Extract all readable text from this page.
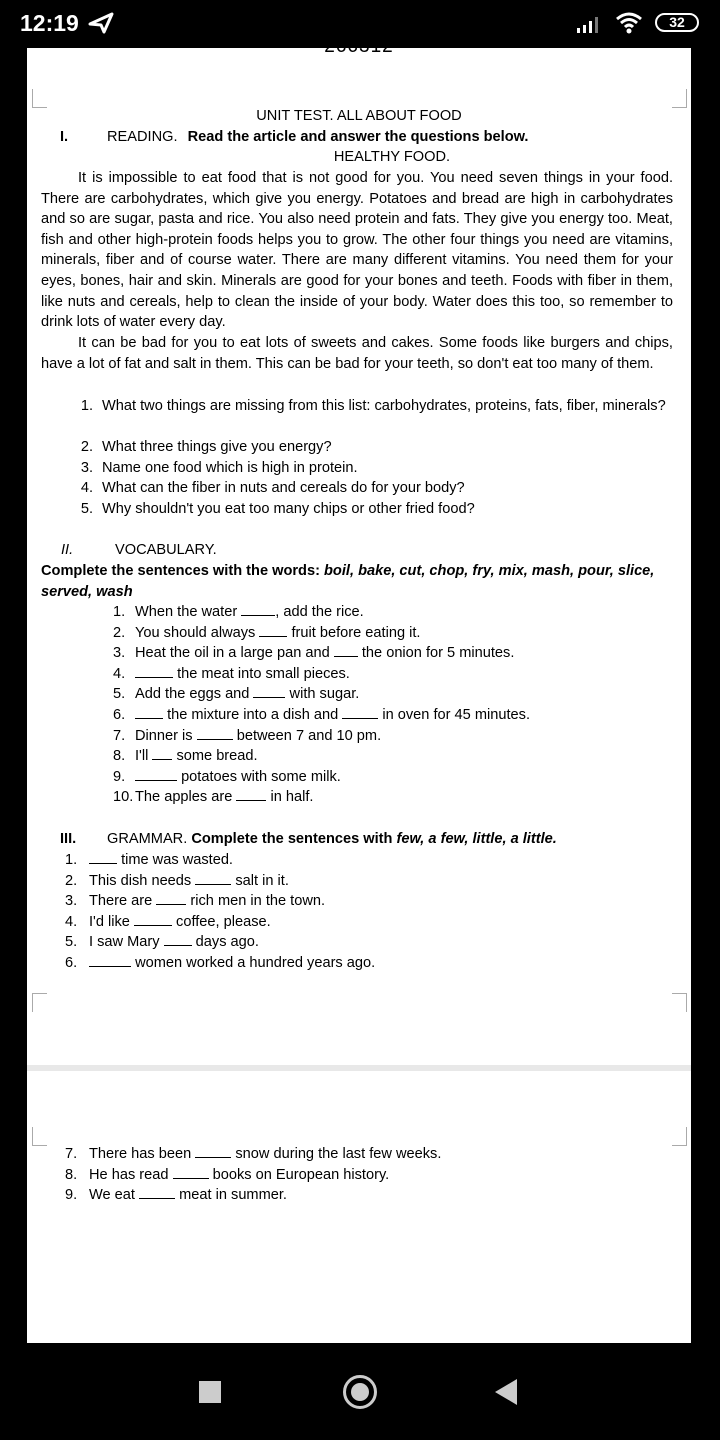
12:19	32
266312
UNIT TEST. ALL ABOUT FOOD
I.	READING. Read the article and answer the questions below.
HEALTHY FOOD.
It is impossible to eat food that is not good for you. You need seven things in your food. There are carbohydrates, which give you energy. Potatoes and bread are high in carbohydrates and so are sugar, pasta and rice. You also need protein and fats. They give you energy too. Meat, fish and other high-protein foods helps you to grow. The other four things you need are vitamins, minerals, fiber and of course water. There are many different vitamins. You need them for your eyes, bones, hair and skin. Minerals are good for your bones and teeth. Foods with fiber in them, like nuts and cereals, help to clean the inside of your body. Water does this too, so remember to drink lots of water every day.
It can be bad for you to eat lots of sweets and cakes. Some foods like burgers and chips, have a lot of fat and salt in them. This can be bad for your teeth, so don't eat too many of them.
1. What two things are missing from this list: carbohydrates, proteins, fats, fiber, minerals?
2. What three things give you energy?
3. Name one food which is high in protein.
4. What can the fiber in nuts and cereals do for your body?
5. Why shouldn't you eat too many chips or other fried food?
II.	VOCABULARY.
Complete the sentences with the words: boil, bake, cut, chop, fry, mix, mash, pour, slice, served, wash
1. When the water	, add the rice.
2. You should always fruit before eating it.
3. Heat the oil in a large pan and the onion for 5 minutes.
4.	the meat into small pieces.
5. Add the eggs and	with sugar.
6.	the mixture into a dish and	in oven for 45 minutes.
7. Dinner is	between 7 and 10 pm.
8. I'll some bread.
9.	potatoes with some milk.
10. The apples are	in half.
III. GRAMMAR. Complete the sentences with few, a few, little, a little.
1.	time was wasted.
2. This dish needs	salt in it.
3. There are	rich men in the town.
4. I'd like	coffee, please.
5. I saw Mary days ago.
6.	women worked a hundred years ago.
7. There has been	snow during the last few weeks.
8. He has read	books on European history.
9. We eat	meat in summer.
